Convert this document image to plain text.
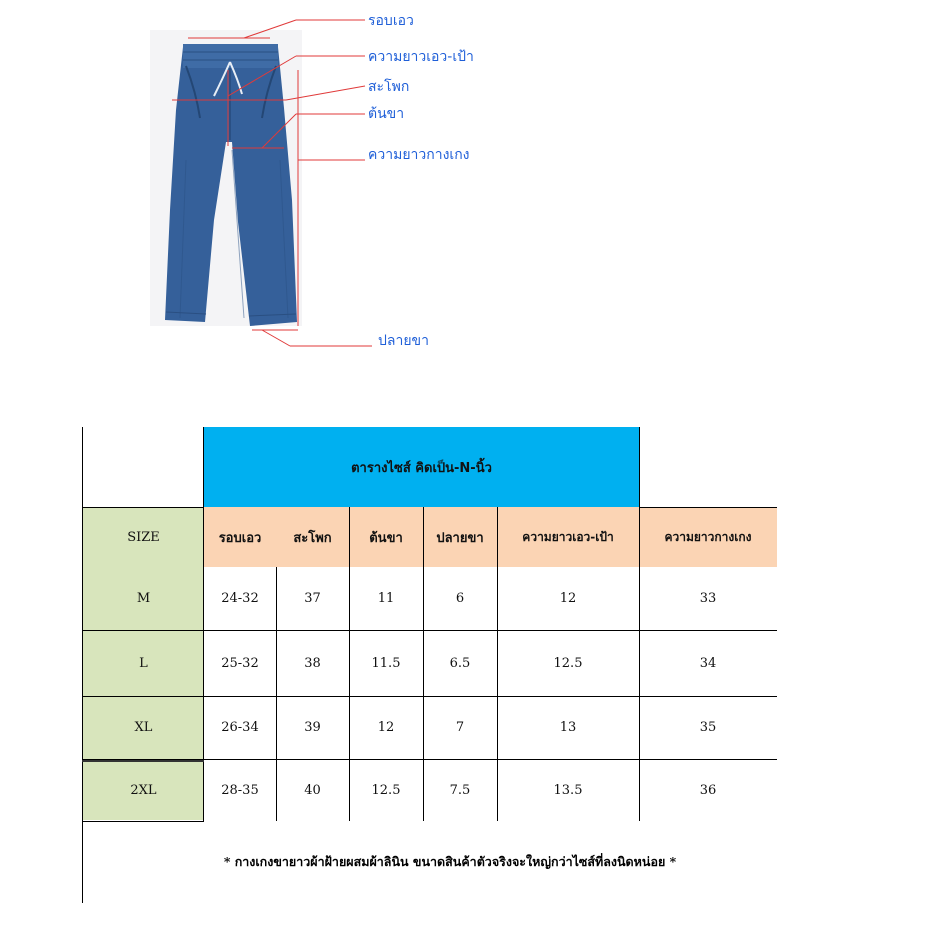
รอบเอว
ความยาวเอว-เป้า
สะโพก
ต้นขา
ความยาวกางเกง
ปลายขา
ตารางไซส์ คิดเป็น-N-นิ้ว
SIZE	รอบเอว	สะโพก	ต้นขา	ปลายขา	ความยาวเอว-เป้า	ความยาวกางเกง
M	24-32	37	11	6	12	33
L	25-32	38	11.5	6.5	12.5	34
XL	26-34	39	12	7	13	35
2XL	28-35	40	12.5	7.5	13.5	36
* กางเกงขายาวผ้าฝ้ายผสมผ้าลินิน ขนาดสินค้าตัวจริงจะใหญ่กว่าไซส์ที่ลงนิดหน่อย *
